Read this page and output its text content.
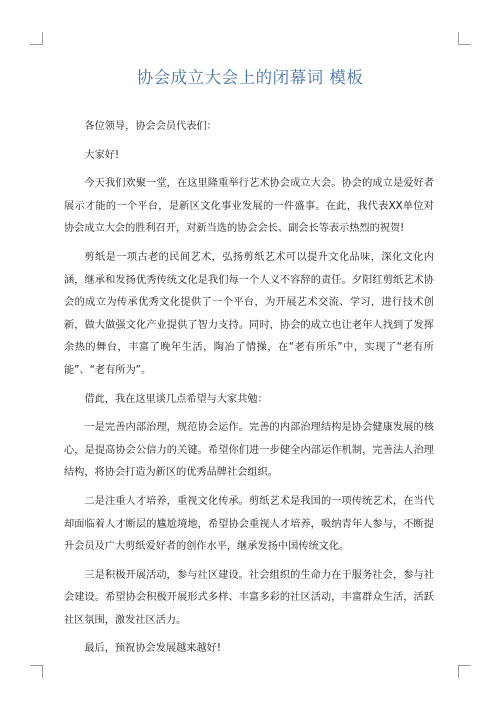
协会成立大会上的闭幕词 模板

各位领导，协会会员代表们：

大家好!

今天我们欢聚一堂，在这里隆重举行艺术协会成立大会。协会的成立是爱好者展示才能的一个平台，是新区文化事业发展的一件盛事。在此，我代表XX单位对协会成立大会的胜利召开，对新当选的协会会长、副会长等表示热烈的祝贺!

剪纸是一项古老的民间艺术，弘扬剪纸艺术可以提升文化品味，深化文化内涵，继承和发扬优秀传统文化是我们每一个人义不容辞的责任。夕阳红剪纸艺术协会的成立为传承优秀文化提供了一个平台，为开展艺术交流、学习，进行技术创新，做大做强文化产业提供了智力支持。同时，协会的成立也让老年人找到了发挥余热的舞台，丰富了晚年生活，陶冶了情操，在“老有所乐”中，实现了“老有所能”、“老有所为”。

借此，我在这里谈几点希望与大家共勉：

一是完善内部治理，规范协会运作。完善的内部治理结构是协会健康发展的核心，是提高协会公信力的关键。希望你们进一步健全内部运作机制，完善法人治理结构，将协会打造为新区的优秀品牌社会组织。

二是注重人才培养，重视文化传承。剪纸艺术是我国的一项传统艺术，在当代却面临着人才断层的尴尬境地，希望协会重视人才培养，吸纳青年人参与，不断提升会员及广大剪纸爱好者的创作水平，继承发扬中国传统文化。

三是积极开展活动，参与社区建设。社会组织的生命力在于服务社会，参与社会建设。希望协会积极开展形式多样、丰富多彩的社区活动，丰富群众生活，活跃社区氛围，激发社区活力。

最后，预祝协会发展越来越好!
